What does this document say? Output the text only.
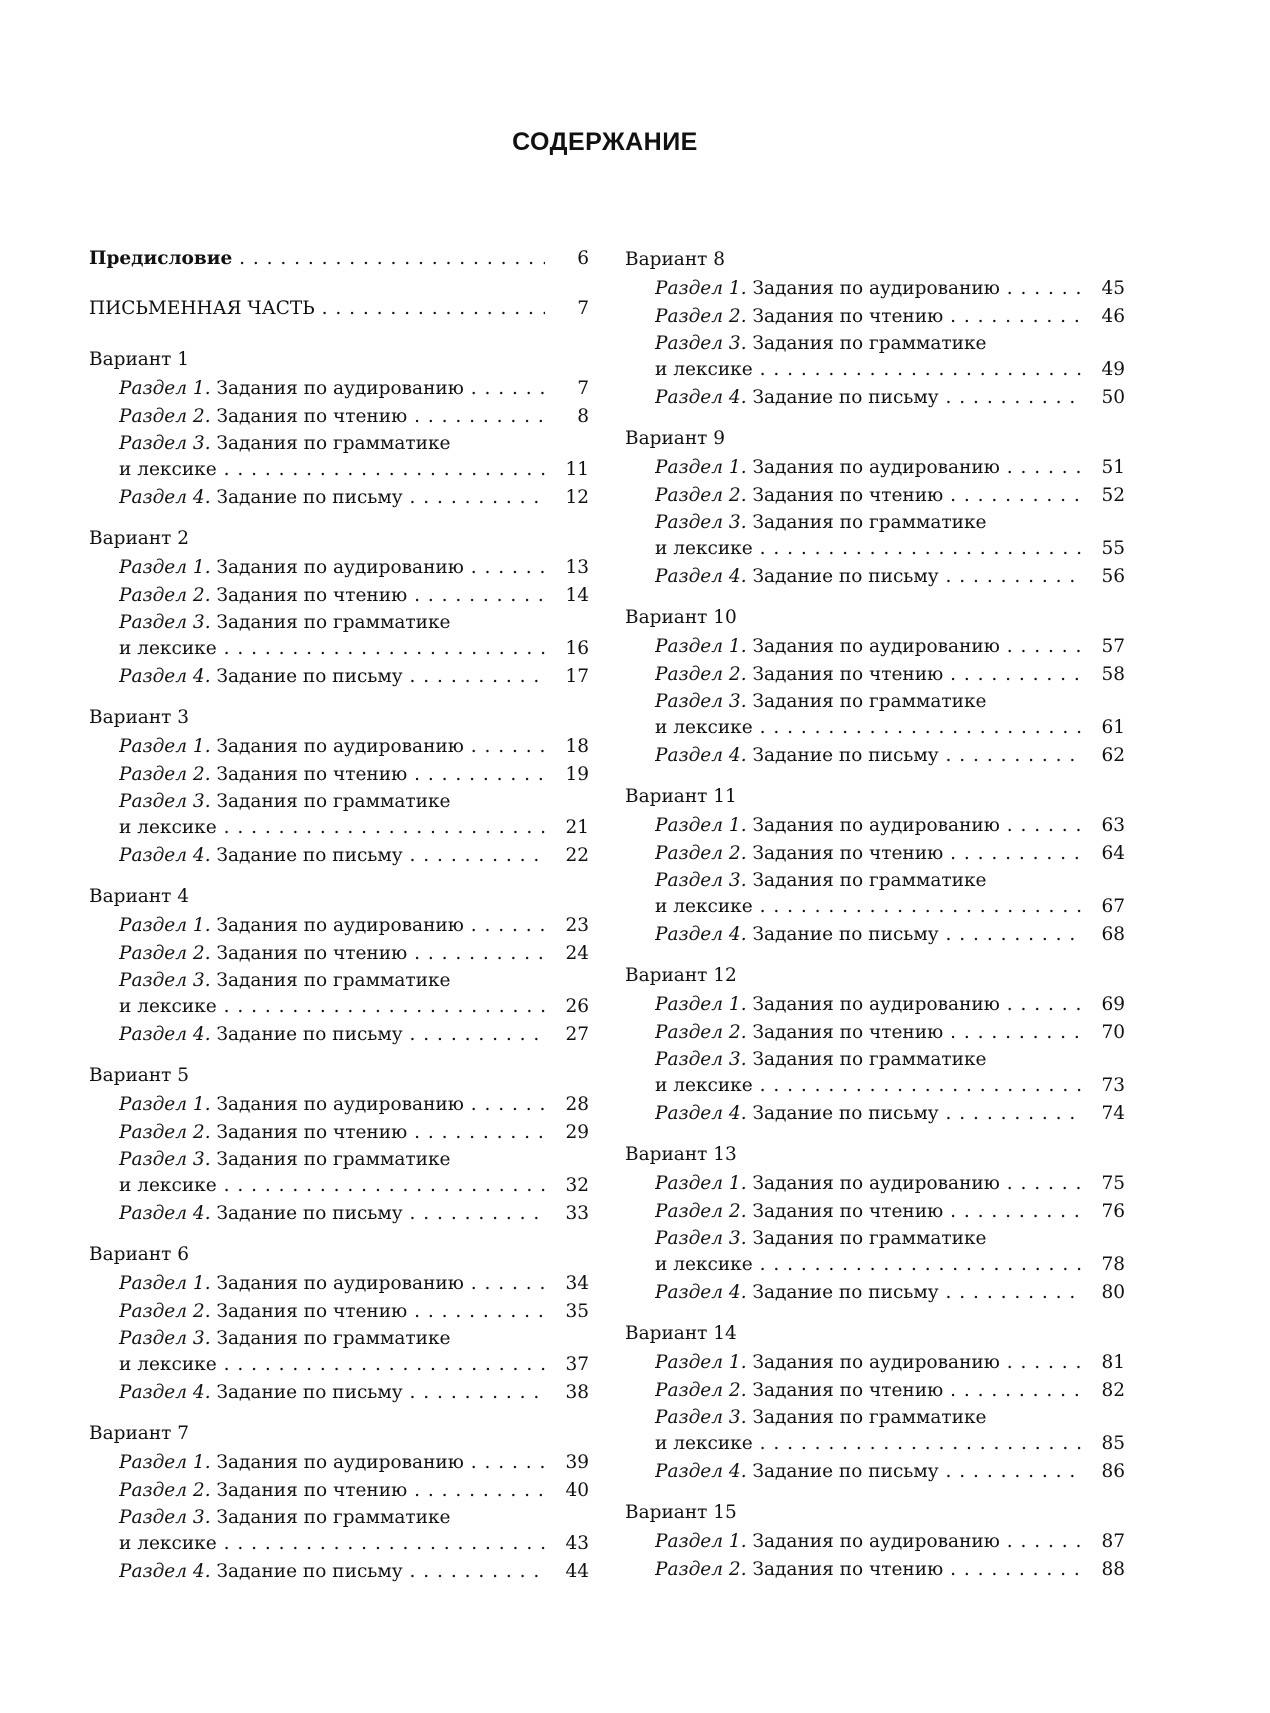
СОДЕРЖАНИЕ
Предисловие . . .	6
ПИСЬМЕННАЯ ЧАСТЬ . . .	7
Вариант 1
Раздел 1. Задания по аудированию . . .	7
Раздел 2. Задания по чтению . . .	8
Раздел 3. Задания по грамматике
и лексике . . .	11
Раздел 4. Задание по письму . . .	12
Вариант 2
Раздел 1. Задания по аудированию . . .	13
Раздел 2. Задания по чтению . . .	14
Раздел 3. Задания по грамматике
и лексике . . .	16
Раздел 4. Задание по письму . . .	17
Вариант 3
Раздел 1. Задания по аудированию . . .	18
Раздел 2. Задания по чтению . . .	19
Раздел 3. Задания по грамматике
и лексике . . .	21
Раздел 4. Задание по письму . . .	22
Вариант 4
Раздел 1. Задания по аудированию . . .	23
Раздел 2. Задания по чтению . . .	24
Раздел 3. Задания по грамматике
и лексике . . .	26
Раздел 4. Задание по письму . . .	27
Вариант 5
Раздел 1. Задания по аудированию . . .	28
Раздел 2. Задания по чтению . . .	29
Раздел 3. Задания по грамматике
и лексике . . .	32
Раздел 4. Задание по письму . . .	33
Вариант 6
Раздел 1. Задания по аудированию . . .	34
Раздел 2. Задания по чтению . . .	35
Раздел 3. Задания по грамматике
и лексике . . .	37
Раздел 4. Задание по письму . . .	38
Вариант 7
Раздел 1. Задания по аудированию . . .	39
Раздел 2. Задания по чтению . . .	40
Раздел 3. Задания по грамматике
и лексике . . .	43
Раздел 4. Задание по письму . . .	44
Вариант 8
Раздел 1. Задания по аудированию . . .	45
Раздел 2. Задания по чтению . . .	46
Раздел 3. Задания по грамматике
и лексике . . .	49
Раздел 4. Задание по письму . . .	50
Вариант 9
Раздел 1. Задания по аудированию . . .	51
Раздел 2. Задания по чтению . . .	52
Раздел 3. Задания по грамматике
и лексике . . .	55
Раздел 4. Задание по письму . . .	56
Вариант 10
Раздел 1. Задания по аудированию . . .	57
Раздел 2. Задания по чтению . . .	58
Раздел 3. Задания по грамматике
и лексике . . .	61
Раздел 4. Задание по письму . . .	62
Вариант 11
Раздел 1. Задания по аудированию . . .	63
Раздел 2. Задания по чтению . . .	64
Раздел 3. Задания по грамматике
и лексике . . .	67
Раздел 4. Задание по письму . . .	68
Вариант 12
Раздел 1. Задания по аудированию . . .	69
Раздел 2. Задания по чтению . . .	70
Раздел 3. Задания по грамматике
и лексике . . .	73
Раздел 4. Задание по письму . . .	74
Вариант 13
Раздел 1. Задания по аудированию . . .	75
Раздел 2. Задания по чтению . . .	76
Раздел 3. Задания по грамматике
и лексике . . .	78
Раздел 4. Задание по письму . . .	80
Вариант 14
Раздел 1. Задания по аудированию . . .	81
Раздел 2. Задания по чтению . . .	82
Раздел 3. Задания по грамматике
и лексике . . .	85
Раздел 4. Задание по письму . . .	86
Вариант 15
Раздел 1. Задания по аудированию . . .	87
Раздел 2. Задания по чтению . . .	88
